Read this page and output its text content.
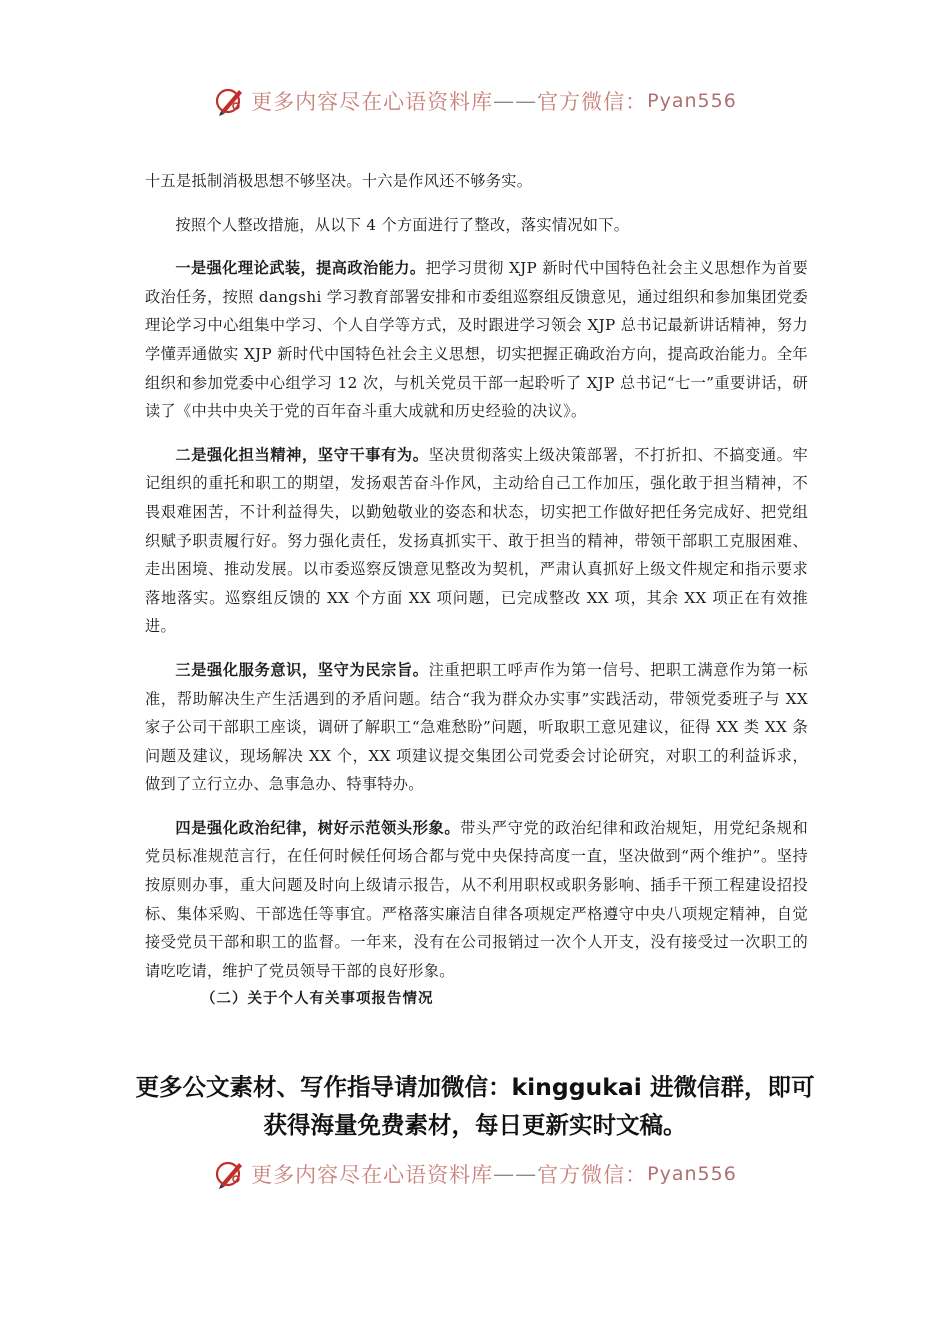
更多内容尽在心语资料库 —— 官方微信： Pyan556

十五是抵制消极思想不够坚决。十六是作风还不够务实。

按照个人整改措施，从以下 4 个方面进行了整改，落实情况如下。

一是强化理论武装，提高政治能力。把学习贯彻 XJP 新时代中国特色社会主义思想作为首要政治任务，按照 dangshi 学习教育部署安排和市委组巡察组反馈意见，通过组织和参加集团党委理论学习中心组集中学习、个人自学等方式，及时跟进学习领会 XJP 总书记最新讲话精神，努力学懂弄通做实 XJP 新时代中国特色社会主义思想，切实把握正确政治方向，提高政治能力。全年组织和参加党委中心组学习 12 次，与机关党员干部一起聆听了 XJP 总书记“七一”重要讲话，研读了《中共中央关于党的百年奋斗重大成就和历史经验的决议》。

二是强化担当精神，坚守干事有为。坚决贯彻落实上级决策部署，不打折扣、不搞变通。牢记组织的重托和职工的期望，发扬艰苦奋斗作风，主动给自己工作加压，强化敢于担当精神，不畏艰难困苦，不计利益得失，以勤勉敬业的姿态和状态，切实把工作做好把任务完成好、把党组织赋予职责履行好。努力强化责任，发扬真抓实干、敢于担当的精神，带领干部职工克服困难、走出困境、推动发展。以市委巡察反馈意见整改为契机，严肃认真抓好上级文件规定和指示要求落地落实。巡察组反馈的 XX 个方面 XX 项问题，已完成整改 XX 项，其余 XX 项正在有效推进。

三是强化服务意识，坚守为民宗旨。注重把职工呼声作为第一信号、把职工满意作为第一标准，帮助解决生产生活遇到的矛盾问题。结合“我为群众办实事”实践活动，带领党委班子与 XX 家子公司干部职工座谈，调研了解职工“急难愁盼”问题，听取职工意见建议，征得 XX 类 XX 条问题及建议，现场解决 XX 个，XX 项建议提交集团公司党委会讨论研究，对职工的利益诉求，做到了立行立办、急事急办、特事特办。

四是强化政治纪律，树好示范领头形象。带头严守党的政治纪律和政治规矩，用党纪条规和党员标准规范言行，在任何时候任何场合都与党中央保持高度一直，坚决做到“两个维护”。坚持按原则办事，重大问题及时向上级请示报告，从不利用职权或职务影响、插手干预工程建设招投标、集体采购、干部选任等事宜。严格落实廉洁自律各项规定严格遵守中央八项规定精神，自觉接受党员干部和职工的监督。一年来，没有在公司报销过一次个人开支，没有接受过一次职工的请吃吃请，维护了党员领导干部的良好形象。

（二）关于个人有关事项报告情况

更多公文素材、写作指导请加微信：kinggukai 进微信群，即可
获得海量免费素材，每日更新实时文稿。
更多内容尽在心语资料库 —— 官方微信： Pyan556
